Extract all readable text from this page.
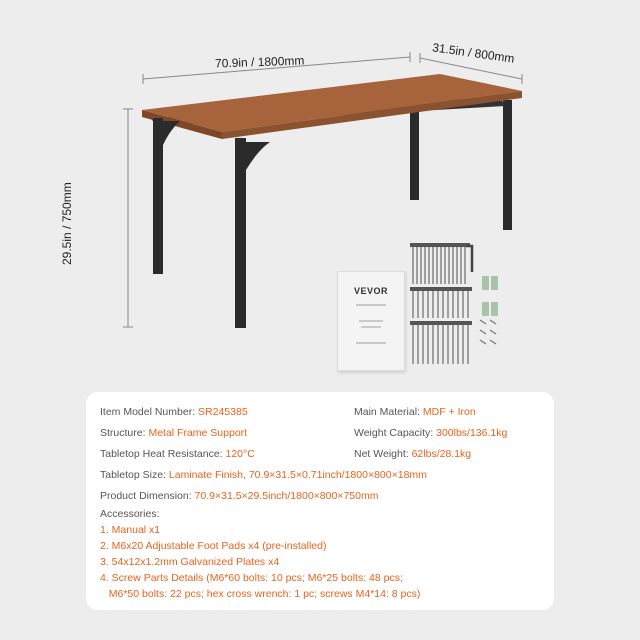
70.9in / 1800mm	31.5in / 800mm
29.5in / 750mm
VEVOR
Item Model Number: SR245385	Main Material: MDF + Iron
Structure: Metal Frame Support	Weight Capacity: 300lbs/136.1kg
Tabletop Heat Resistance: 120°C	Net Weight: 62lbs/28.1kg
Tabletop Size: Laminate Finish, 70.9×31.5×0.71inch/1800×800×18mm
Product Dimension: 70.9×31.5×29.5inch/1800×800×750mm
Accessories:
1. Manual x1
2. M6x20 Adjustable Foot Pads x4 (pre-installed)
3. 54x12x1.2mm Galvanized Plates x4
4. Screw Parts Details (M6*60 bolts: 10 pcs; M6*25 bolts: 48 pcs;
M6*50 bolts: 22 pcs; hex cross wrench: 1 pc; screws M4*14: 8 pcs)
